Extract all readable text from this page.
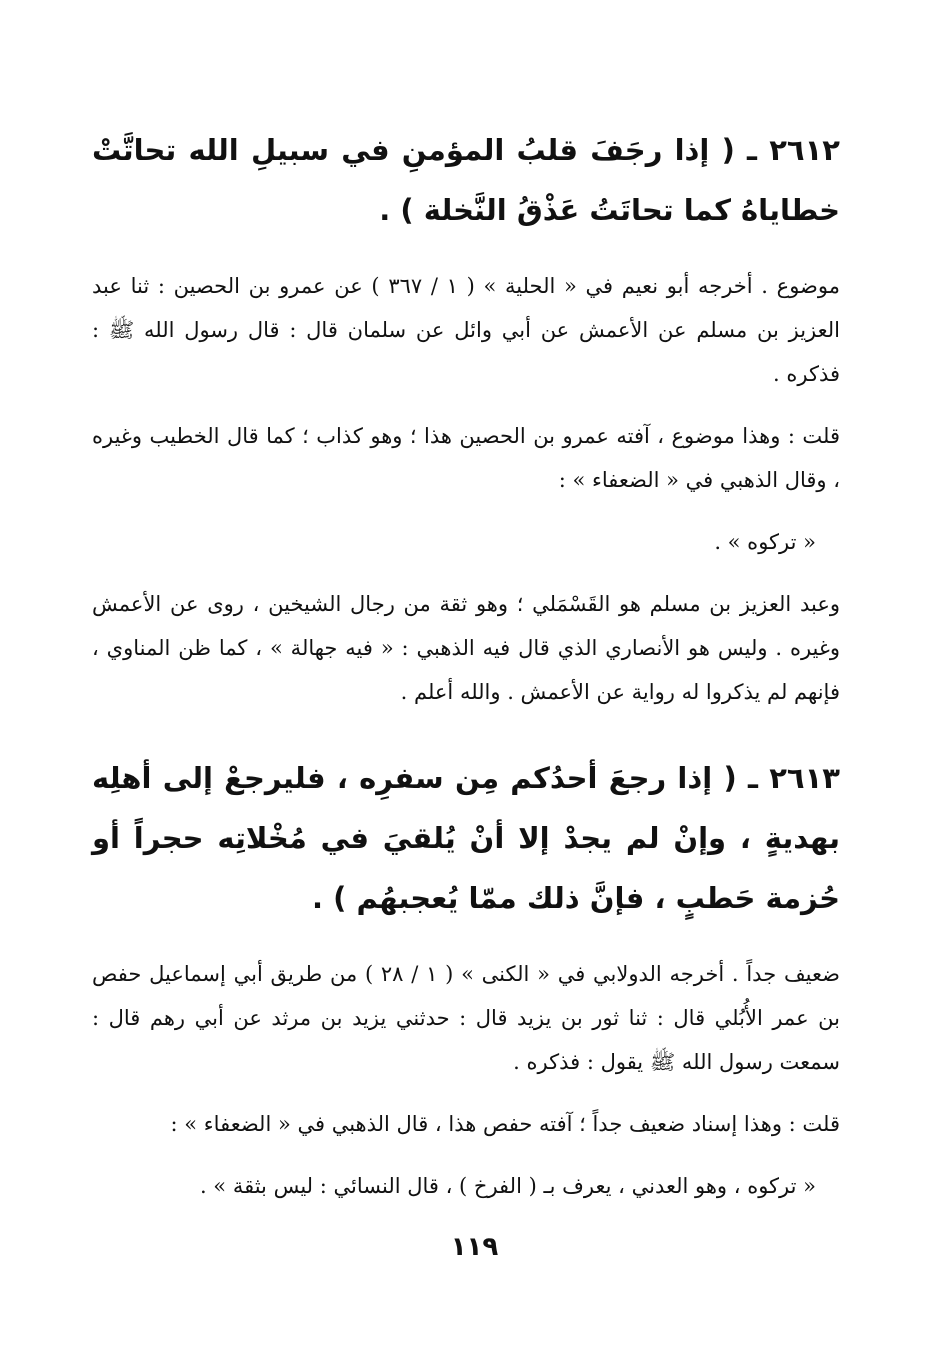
٢٦١٢ ـ ( إذا رجَفَ قلبُ المؤمنِ في سبيلِ الله تحاتَّتْ خطاياهُ كما تحاتَتُ عَذْقُ النَّخلة ) .

موضوع . أخرجه أبو نعيم في « الحلية » ( ١ / ٣٦٧ ) عن عمرو بن الحصين : ثنا عبد العزيز بن مسلم عن الأعمش عن أبي وائل عن سلمان قال : قال رسول الله ﷺ : فذكره .

قلت : وهذا موضوع ، آفته عمرو بن الحصين هذا ؛ وهو كذاب ؛ كما قال الخطيب وغيره ، وقال الذهبي في « الضعفاء » :

« تركوه » .

وعبد العزيز بن مسلم هو القَسْمَلي ؛ وهو ثقة من رجال الشيخين ، روى عن الأعمش وغيره . وليس هو الأنصاري الذي قال فيه الذهبي : « فيه جهالة » ، كما ظن المناوي ، فإنهم لم يذكروا له رواية عن الأعمش . والله أعلم .

٢٦١٣ ـ ( إذا رجعَ أحدُكم مِن سفرِه ، فليرجعْ إلى أهلِه بهديةٍ ، وإنْ لم يجدْ إلا أنْ يُلقيَ في مُخْلاتِه حجراً أو حُزمة حَطبٍ ، فإنَّ ذلك ممّا يُعجبهُم ) .

ضعيف جداً . أخرجه الدولابي في « الكنى » ( ١ / ٢٨ ) من طريق أبي إسماعيل حفص بن عمر الأُبُلي قال : ثنا ثور بن يزيد قال : حدثني يزيد بن مرثد عن أبي رهم قال : سمعت رسول الله ﷺ يقول : فذكره .

قلت : وهذا إسناد ضعيف جداً ؛ آفته حفص هذا ، قال الذهبي في « الضعفاء » :

« تركوه ، وهو العدني ، يعرف بـ ( الفرخ ) ، قال النسائي : ليس بثقة » .

١١٩
